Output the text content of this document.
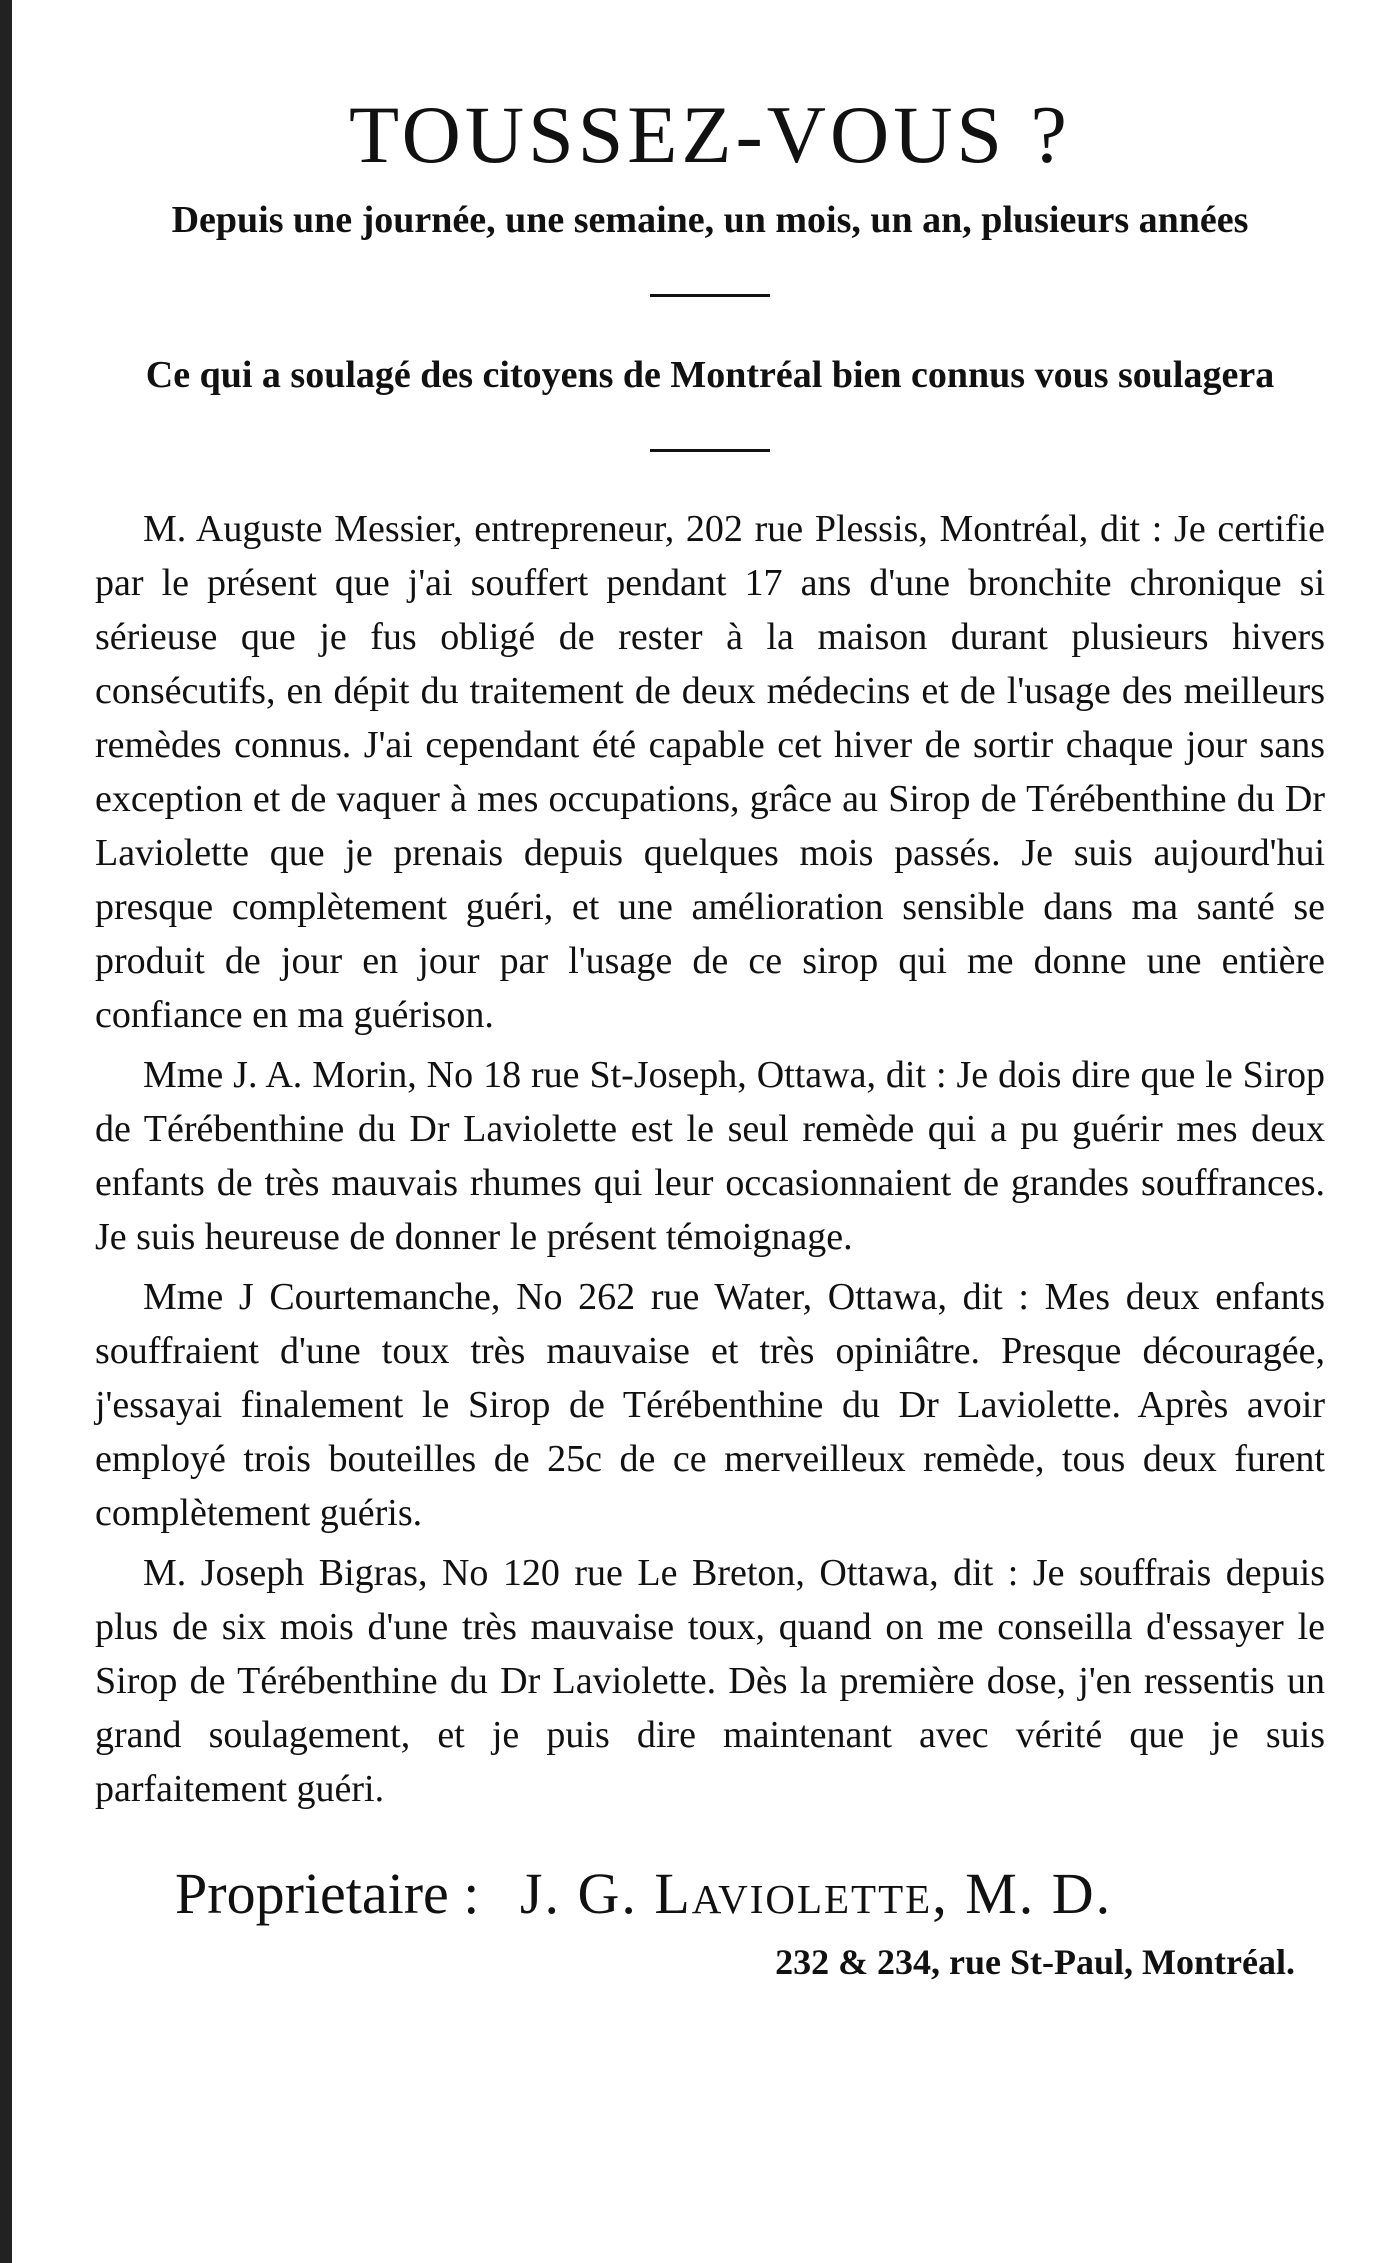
TOUSSEZ-VOUS ?

Depuis une journée, une semaine, un mois, un an, plusieurs années

Ce qui a soulagé des citoyens de Montréal bien connus vous soulagera

M. Auguste Messier, entrepreneur, 202 rue Plessis, Montréal, dit : Je certifie par le présent que j'ai souffert pendant 17 ans d'une bronchite chronique si sérieuse que je fus obligé de rester à la maison durant plusieurs hivers consécutifs, en dépit du traitement de deux médecins et de l'usage des meilleurs remèdes connus. J'ai cependant été capable cet hiver de sortir chaque jour sans exception et de vaquer à mes occupations, grâce au Sirop de Térébenthine du Dr Laviolette que je prenais depuis quelques mois passés. Je suis aujourd'hui presque complètement guéri, et une amélioration sensible dans ma santé se produit de jour en jour par l'usage de ce sirop qui me donne une entière confiance en ma guérison.

Mme J. A. Morin, No 18 rue St-Joseph, Ottawa, dit : Je dois dire que le Sirop de Térébenthine du Dr Laviolette est le seul remède qui a pu guérir mes deux enfants de très mauvais rhumes qui leur occasionnaient de grandes souffrances. Je suis heureuse de donner le présent témoignage.

Mme J Courtemanche, No 262 rue Water, Ottawa, dit : Mes deux enfants souffraient d'une toux très mauvaise et très opiniâtre. Presque découragée, j'essayai finalement le Sirop de Térébenthine du Dr Laviolette. Après avoir employé trois bouteilles de 25c de ce merveilleux remède, tous deux furent complètement guéris.

M. Joseph Bigras, No 120 rue Le Breton, Ottawa, dit : Je souffrais depuis plus de six mois d'une très mauvaise toux, quand on me conseilla d'essayer le Sirop de Térébenthine du Dr Laviolette. Dès la première dose, j'en ressentis un grand soulagement, et je puis dire maintenant avec vérité que je suis parfaitement guéri.

Proprietaire : J. G. Laviolette, M. D.
232 & 234, rue St-Paul, Montréal.
